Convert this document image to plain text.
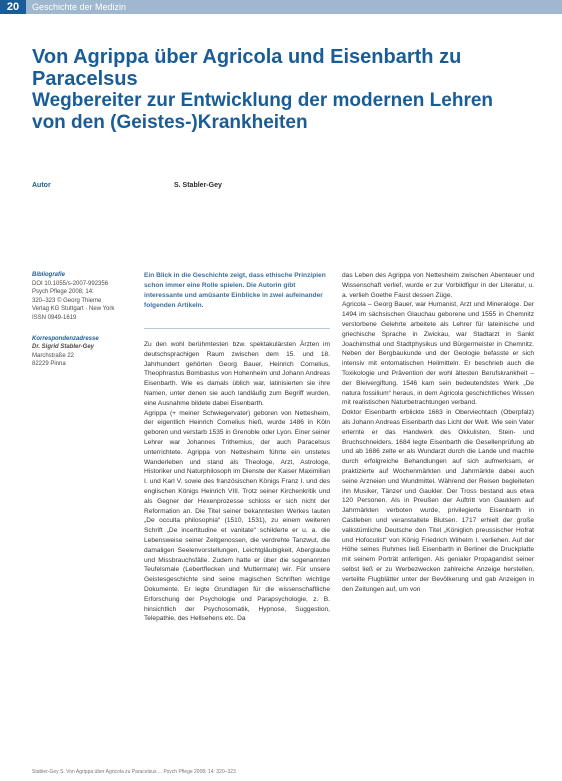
20	Geschichte der Medizin
Von Agrippa über Agricola und Eisenbarth zu Paracelsus
Wegbereiter zur Entwicklung der modernen Lehren von den (Geistes-)Krankheiten
Autor	S. Stabler-Gey
Bibliografie
DOI 10.1055/s-2007-992356
Psych Pflege 2008; 14:
320–323 © Georg Thieme
Verlag KG Stuttgart · New York
ISSN 0949-1619
Korrespondenzadresse
Dr. Sigrid Stabler-Gey
Marchstraße 22
82229 Pinna

Ein Blick in die Geschichte zeigt, dass ethische Prinzipien schon immer eine Rolle spielen. Die Autorin gibt interessante und amüsante Einblicke in zwei aufeinander folgenden Artikeln.

Zu den wohl berühmtesten bzw. spektakulärsten Ärzten im deutschsprachigen Raum zwischen dem 15. und 18. Jahrhundert gehörten Georg Bauer, Heinrich Cornelius, Theophrastus Bombastus von Hohenheim und Johann Andreas Eisenbarth. Wie es damals üblich war, latinisierten sie ihre Namen, unter denen sie auch landläufig zum Begriff wurden, eine Ausnahme bildete dabei Eisenbarth.

Agrippa (+ meiner Schwiegervater) geboren von Nettesheim, der eigentlich Heinrich Cornelius hieß, wurde 1486 in Köln geboren und verstarb 1535 in Grenoble oder Lyon. Einer seiner Lehrer war Johannes Trithemius, der auch Paracelsus unterrichtete. Agrippa von Nettesheim führte ein unstetes Wanderleben und stand als Theologe, Arzt, Astrologe, Historiker und Naturphilosoph im Dienste der Kaiser Maximilian I. und Karl V. sowie des französischen Königs Franz I. und des englischen Königs Heinrich VIII. Trotz seiner Kirchenkritik und als Gegner der Hexenprozesse schloss er sich nicht der Reformation an. Die Titel seiner bekanntesten Werkes lauten „De occulta philosophia“ (1510, 1531), zu einem weiteren Schrift „De incertitudine et vanitate“ schilderte er u. a. die Lebensweise seiner Zeitgenossen, die verdrehte Tanzwut, die damaligen Seelenvorstellungen, Leichtgläubigkeit, Aberglaube und Missbrauchsfälle. Zudem hatte er über die sogenannten Teufelsmale (Lebertflecken und Muttermale) wir. Für unsere Geistesgeschichte sind seine magischen Schriften wichtige Dokumente. Er legte Grundlagen für die wissenschaftliche Erforschung der Psychologie und Parapsychologie, z. B. hinsichtlich der Psychosomatik, Hypnose, Suggestion, Telepathie, des Hellsehens etc. Da

das Leben des Agrippa von Nettesheim zwischen Abenteuer und Wissenschaft verlief, wurde er zur Vorbildfigur in der Literatur, u. a. verlieh Goethe Faust dessen Züge.

Agricola – Georg Bauer, war Humanist, Arzt und Mineraloge. Der 1494 im sächsischen Glauchau geborene und 1555 in Chemnitz verstorbene Gelehrte arbeitete als Lehrer für lateinische und griechische Sprache in Zwickau, war Stadtarzt in Sankt Joachimsthal und Stadtphysikus und Bürgermeister in Chemnitz. Neben der Bergbaukunde und der Geologie befasste er sich intensiv mit entomatischen Heilmitteln. Er beschrieb auch die Toxikologie und Prävention der wohl ältesten Berufskrankheit – der Bleivergiftung. 1546 kam sein bedeutendstes Werk „De natura fossilium“ heraus, in dem Agricola geschichtliches Wissen mit realistischen Naturbetrachtungen verband.

Doktor Eisenbarth erblickte 1663 in Oberviechtach (Oberpfalz) als Johann Andreas Eisenbarth das Licht der Welt. Wie sein Vater erlernte er das Handwerk des Okkulisten, Stein- und Bruchschneiders. 1684 legte Eisenbarth die Gesellenprüfung ab und ab 1686 zelte er als Wundarzt durch die Lande und machte durch erfolgreiche Behandlungen auf sich aufmerksam, er praktizierte auf Wochenmärkten und Jahrmärkte dabei auch seine Arzneien und Wundmittel. Während der Reisen begleiteten ihn Musiker, Tänzer und Gaukler. Der Tross bestand aus etwa 120 Personen. Als in Preußen der Auftritt von Gauklern auf Jahrmärkten verboten wurde, privilegierte Eisenbarth in Castleben und veranstaltete Blutsen. 1717 erhielt der große valkstümliche Deutsche den Titel „Königlich preussischer Hofrat und Hofoculist“ von König Friedrich Wilhelm I. verliehen. Auf der Höhe seines Ruhmes ließ Eisenbarth in Berliner die Druckplatte mit seinem Porträt anfertigen. Als genialer Propagandist seiner selbst ließ er zu Werbezwecken zahlreiche Anzeige herstellen, verteilte Flugblätter unter der Bevölkerung und gab Anzeigen in den Zeitungen auf, um von

Stabler-Gey S. Von Agrippa über Agricola zu Paracelsus ... Psych Pflege 2008; 14: 320–323
